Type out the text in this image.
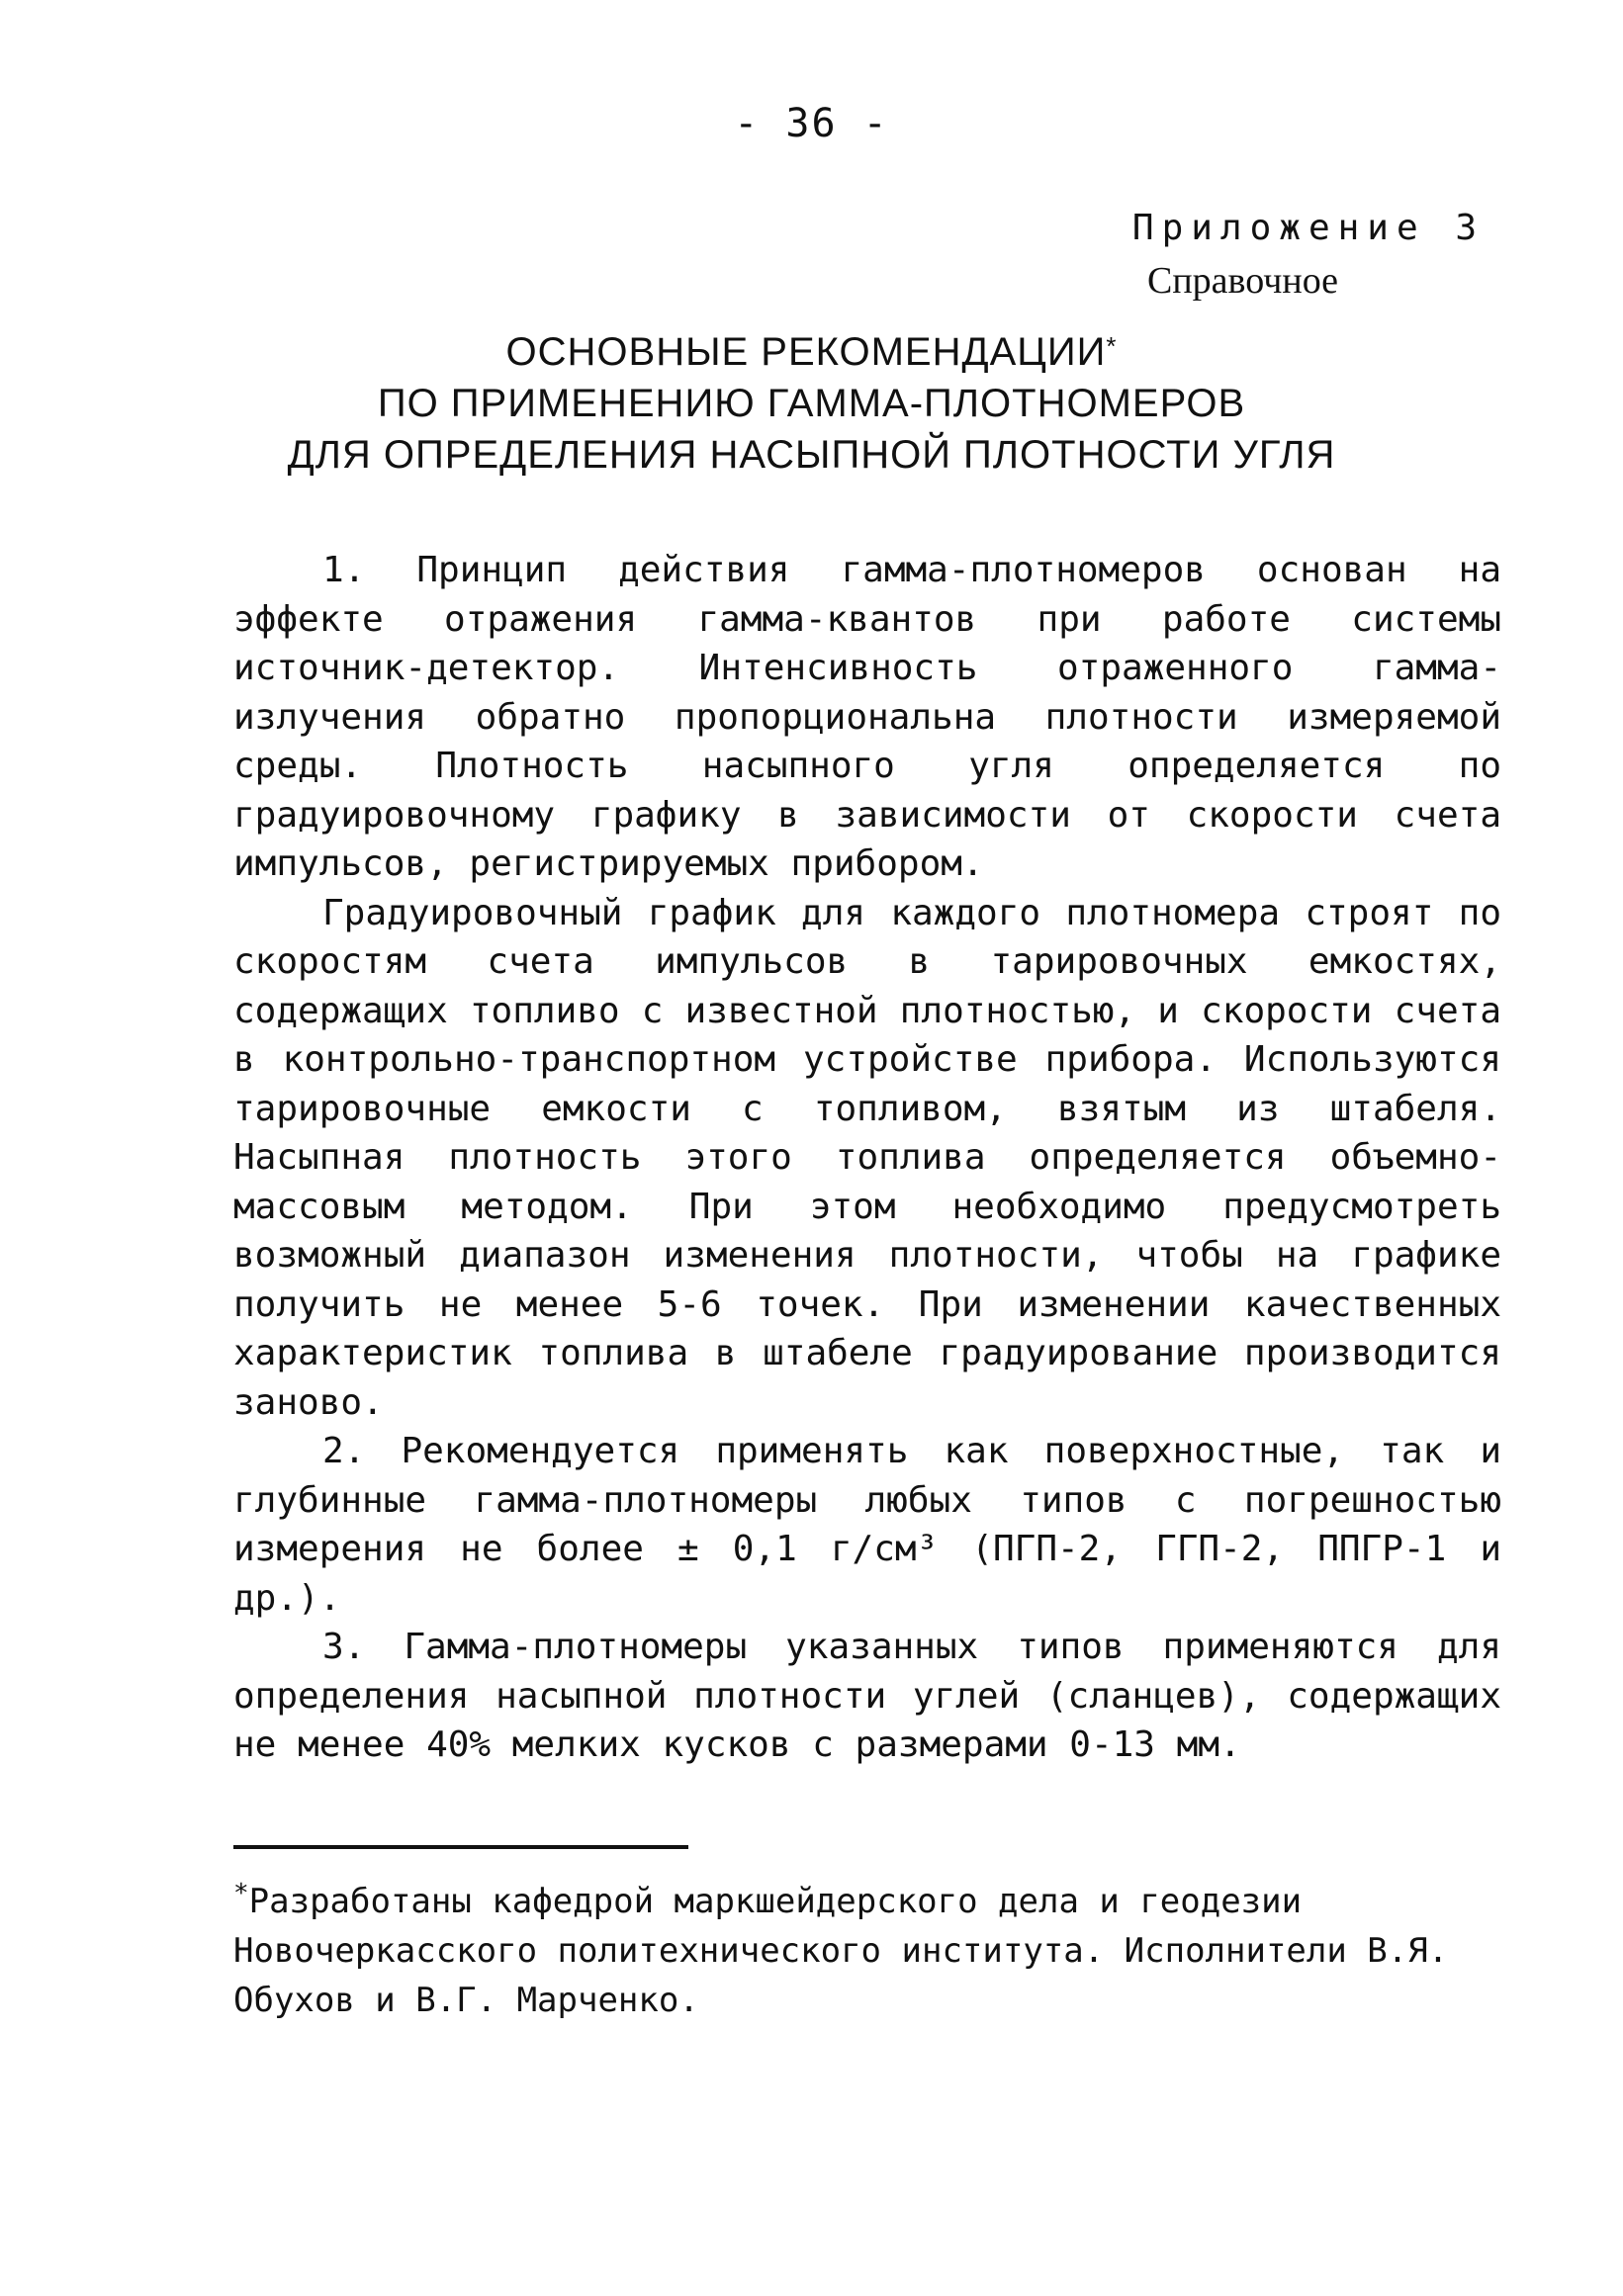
- 36 -
Приложение 3
Справочное
ОСНОВНЫЕ РЕКОМЕНДАЦИИ*
ПО ПРИМЕНЕНИЮ ГАММА-ПЛОТНОМЕРОВ
ДЛЯ ОПРЕДЕЛЕНИЯ НАСЫПНОЙ ПЛОТНОСТИ УГЛЯ

1. Принцип действия гамма-плотномеров основан на эффекте отражения гамма-квантов при работе системы источник-детектор. Интенсивность отраженного гамма-излучения обратно пропорциональна плотности измеряемой среды. Плотность насыпного угля определяется по градуировочному графику в зависимости от скорости счета импульсов, регистрируемых прибором.

Градуировочный график для каждого плотномера строят по скоростям счета импульсов в тарировочных емкостях, содержащих топливо с известной плотностью, и скорости счета в контрольно-транспортном устройстве прибора. Используются тарировочные емкости с топливом, взятым из штабеля. Насыпная плотность этого топлива определяется объемно-массовым методом. При этом необходимо предусмотреть возможный диапазон изменения плотности, чтобы на графике получить не менее 5-6 точек. При изменении качественных характеристик топлива в штабеле градуирование производится заново.

2. Рекомендуется применять как поверхностные, так и глубинные гамма-плотномеры любых типов с погрешностью измерения не более ± 0,1 г/см³ (ПГП-2, ГГП-2, ППГР-1 и др.).

3. Гамма-плотномеры указанных типов применяются для определения насыпной плотности углей (сланцев), содержащих не менее 40% мелких кусков с размерами 0-13 мм.

*Разработаны кафедрой маркшейдерского дела и геодезии Новочеркасского политехнического института. Исполнители В.Я. Обухов и В.Г. Марченко.
